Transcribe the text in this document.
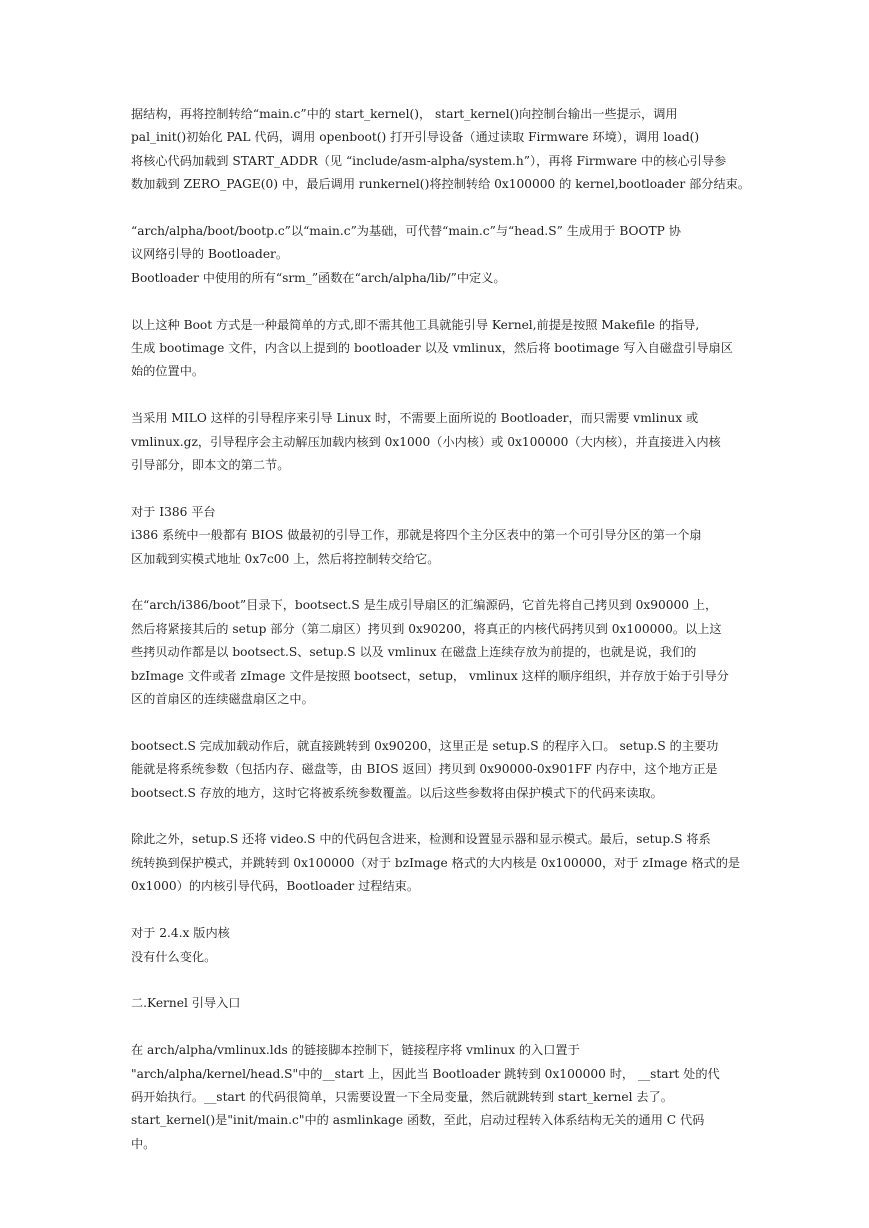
据结构，再将控制转给“main.c”中的 start_kernel()， start_kernel()向控制台输出一些提示，调用
pal_init()初始化 PAL 代码，调用 openboot() 打开引导设备（通过读取 Firmware 环境），调用 load()
将核心代码加载到 START_ADDR（见 “include/asm-alpha/system.h”），再将 Firmware 中的核心引导参
数加载到 ZERO_PAGE(0) 中，最后调用 runkernel()将控制转给 0x100000 的 kernel,bootloader 部分结束。
“arch/alpha/boot/bootp.c”以“main.c”为基础，可代替“main.c”与“head.S” 生成用于 BOOTP 协
议网络引导的 Bootloader。
Bootloader 中使用的所有“srm_”函数在“arch/alpha/lib/”中定义。
以上这种 Boot 方式是一种最简单的方式,即不需其他工具就能引导 Kernel,前提是按照 Makefile 的指导,
生成 bootimage 文件，内含以上提到的 bootloader 以及 vmlinux，然后将 bootimage 写入自磁盘引导扇区
始的位置中。
当采用 MILO 这样的引导程序来引导 Linux 时，不需要上面所说的 Bootloader，而只需要 vmlinux 或
vmlinux.gz，引导程序会主动解压加载内核到 0x1000（小内核）或 0x100000（大内核），并直接进入内核
引导部分，即本文的第二节。
对于 I386 平台
i386 系统中一般都有 BIOS 做最初的引导工作，那就是将四个主分区表中的第一个可引导分区的第一个扇
区加载到实模式地址 0x7c00 上，然后将控制转交给它。
在“arch/i386/boot”目录下，bootsect.S 是生成引导扇区的汇编源码，它首先将自己拷贝到 0x90000 上，
然后将紧接其后的 setup 部分（第二扇区）拷贝到 0x90200，将真正的内核代码拷贝到 0x100000。以上这
些拷贝动作都是以 bootsect.S、setup.S 以及 vmlinux 在磁盘上连续存放为前提的，也就是说，我们的
bzImage 文件或者 zImage 文件是按照 bootsect，setup， vmlinux 这样的顺序组织，并存放于始于引导分
区的首扇区的连续磁盘扇区之中。
bootsect.S 完成加载动作后，就直接跳转到 0x90200，这里正是 setup.S 的程序入口。 setup.S 的主要功
能就是将系统参数（包括内存、磁盘等，由 BIOS 返回）拷贝到 0x90000-0x901FF 内存中，这个地方正是
bootsect.S 存放的地方，这时它将被系统参数覆盖。以后这些参数将由保护模式下的代码来读取。
除此之外，setup.S 还将 video.S 中的代码包含进来，检测和设置显示器和显示模式。最后，setup.S 将系
统转换到保护模式，并跳转到 0x100000（对于 bzImage 格式的大内核是 0x100000，对于 zImage 格式的是
0x1000）的内核引导代码，Bootloader 过程结束。
对于 2.4.x 版内核
没有什么变化。
二.Kernel 引导入口
在 arch/alpha/vmlinux.lds 的链接脚本控制下，链接程序将 vmlinux 的入口置于
"arch/alpha/kernel/head.S"中的__start 上，因此当 Bootloader 跳转到 0x100000 时， __start 处的代
码开始执行。__start 的代码很简单，只需要设置一下全局变量，然后就跳转到 start_kernel 去了。
start_kernel()是"init/main.c"中的 asmlinkage 函数，至此，启动过程转入体系结构无关的通用 C 代码
中。
